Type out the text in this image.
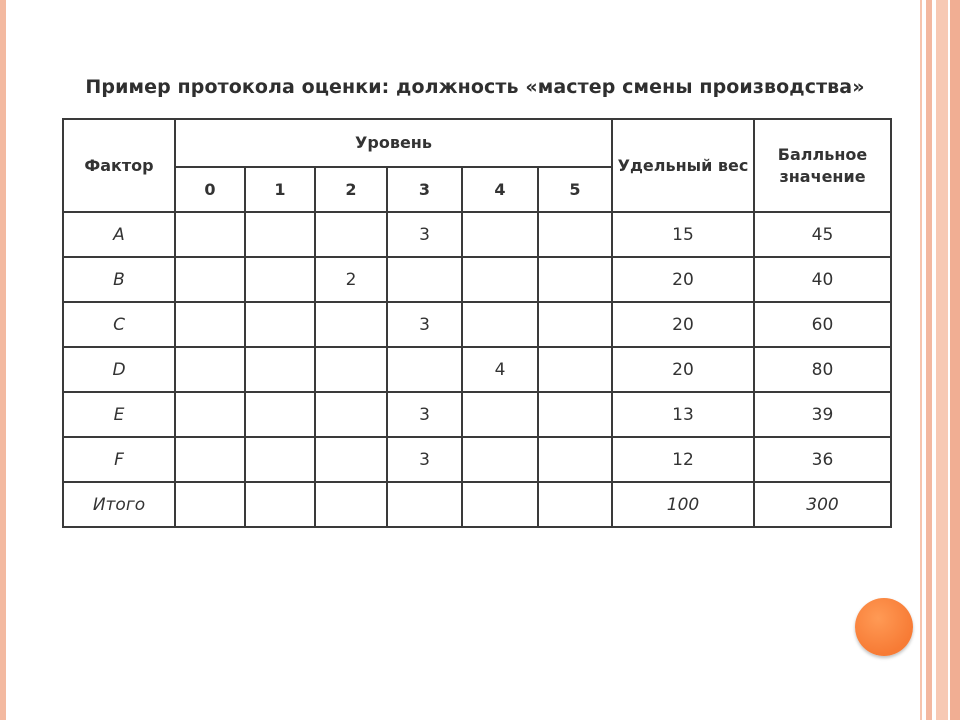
Пример протокола оценки: должность «мастер смены производства»
Фактор	Уровень						Удельный вес	Балльное значение
	0	1	2	3	4	5		
A				3			15	45
B			2				20	40
C				3			20	60
D					4		20	80
E				3			13	39
F				3			12	36
Итого							100	300
